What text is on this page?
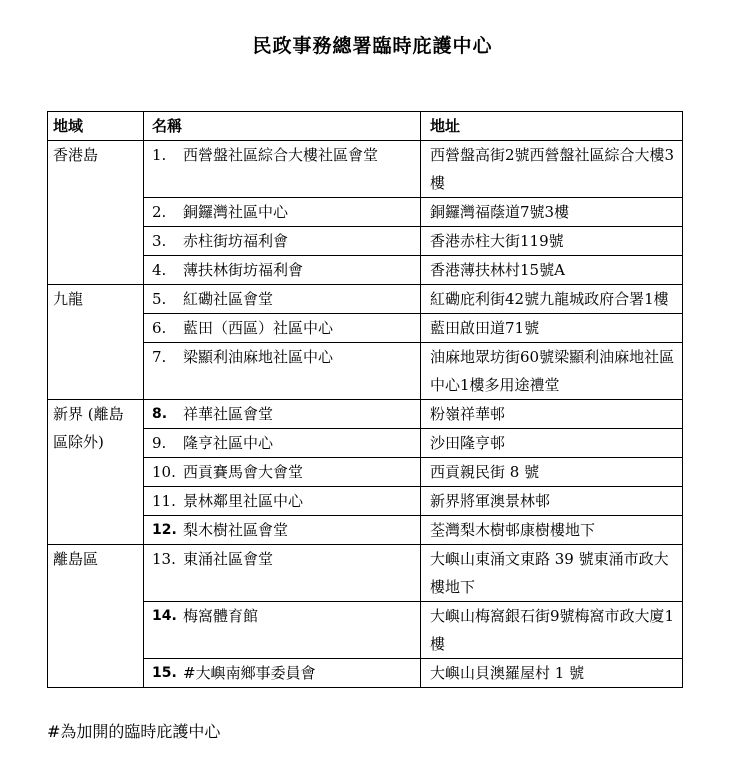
民政事務總署臨時庇護中心
地域	名稱	地址
香港島	1. 西營盤社區綜合大樓社區會堂	西營盤高街2號西營盤社區綜合大樓3樓

	2. 銅鑼灣社區中心	銅鑼灣福蔭道7號3樓

	3. 赤柱街坊福利會	香港赤柱大街119號

	4. 薄扶林街坊福利會	香港薄扶林村15號A
九龍	5. 紅磡社區會堂	紅磡庇利街42號九龍城政府合署1樓

	6. 藍田（西區）社區中心	藍田啟田道71號

	7. 梁顯利油麻地社區中心	油麻地眾坊街60號梁顯利油麻地社區中心1樓多用途禮堂
新界 (離島區除外)	8. 祥華社區會堂	粉嶺祥華邨

	9. 隆亨社區中心	沙田隆亨邨

	10. 西貢賽馬會大會堂	西貢親民街 8 號

	11. 景林鄰里社區中心	新界將軍澳景林邨

	12. 梨木樹社區會堂	荃灣梨木樹邨康樹樓地下
離島區	13. 東涌社區會堂	大嶼山東涌文東路 39 號東涌市政大樓地下

	14. 梅窩體育館	大嶼山梅窩銀石街9號梅窩市政大廈1 樓

	15. #大嶼南鄉事委員會	大嶼山貝澳羅屋村 1 號
#為加開的臨時庇護中心
